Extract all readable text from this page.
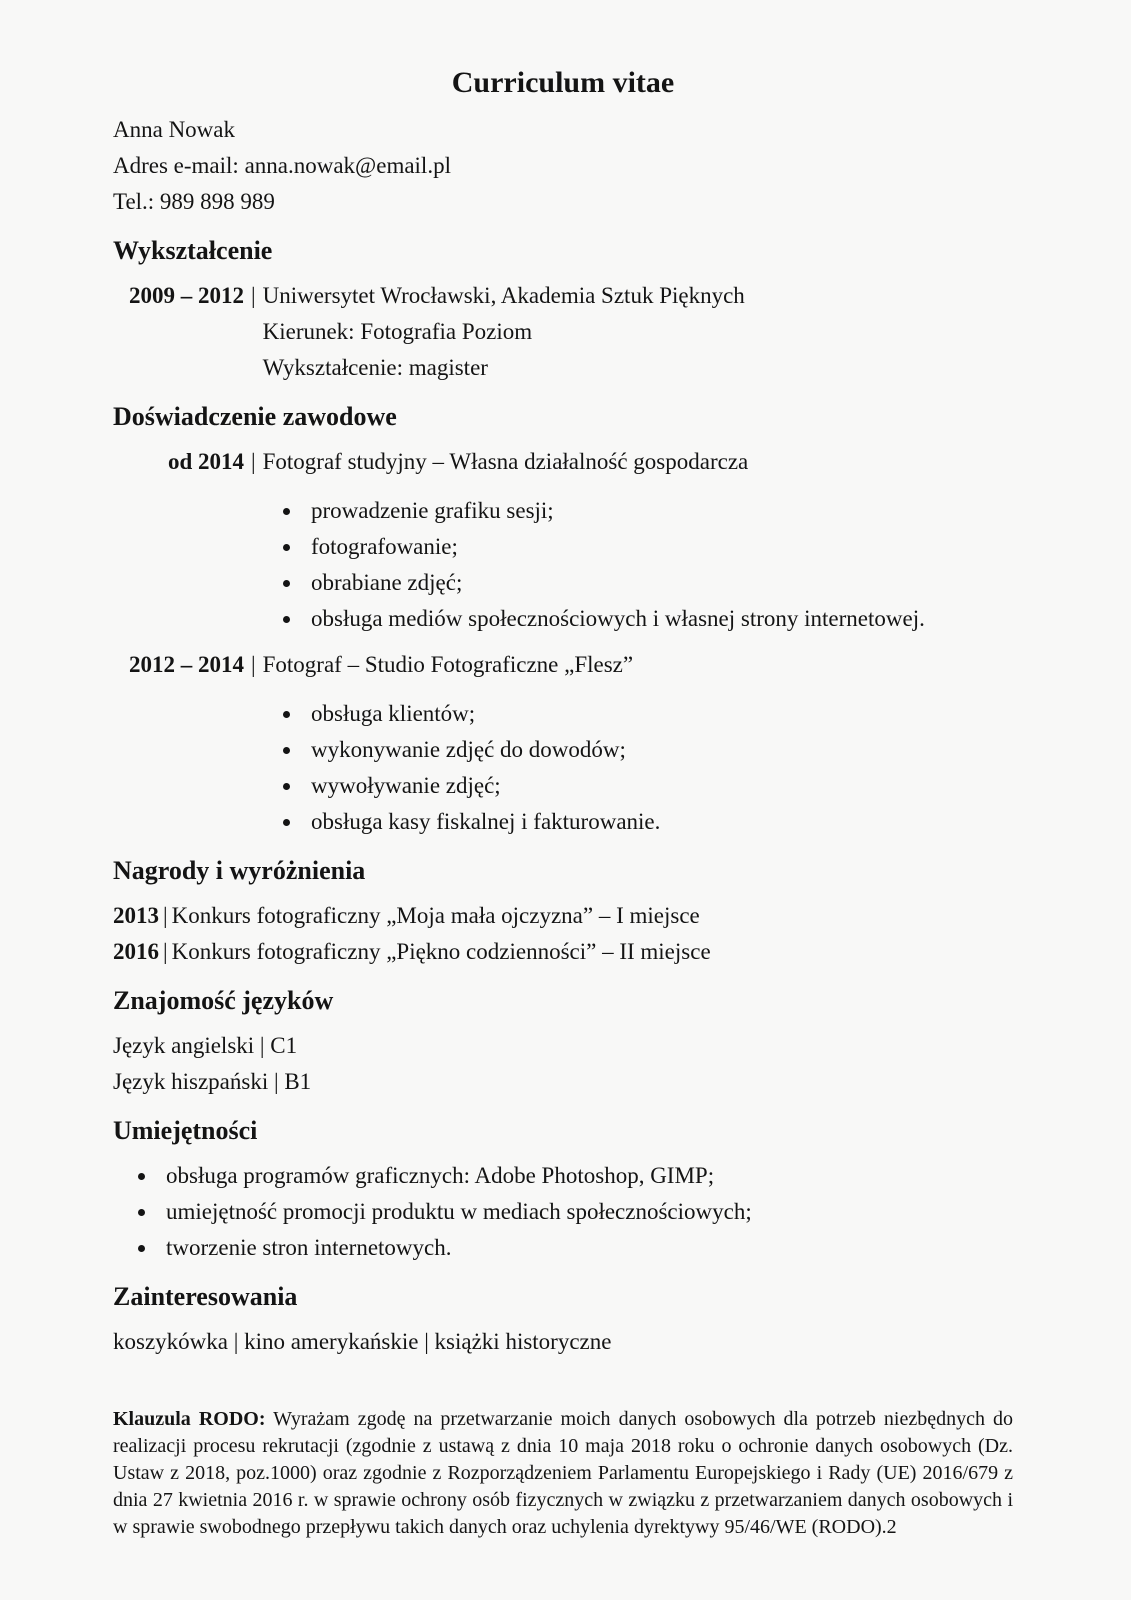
Curriculum vitae

Anna Nowak

Adres e-mail: anna.nowak@email.pl

Tel.: 989 898 989

Wykształcenie
2009 – 2012 | Uniwersytet Wrocławski, Akademia Sztuk Pięknych
Kierunek: Fotografia Poziom
Wykształcenie: magister
Doświadczenie zawodowe
od 2014 | Fotograf studyjny – Własna działalność gospodarcza
• prowadzenie grafiku sesji;
• fotografowanie;
• obrabiane zdjęć;
• obsługa mediów społecznościowych i własnej strony internetowej.
2012 – 2014 | Fotograf – Studio Fotograficzne „Flesz”
• obsługa klientów;
• wykonywanie zdjęć do dowodów;
• wywoływanie zdjęć;
• obsługa kasy fiskalnej i fakturowanie.
Nagrody i wyróżnienia
2013 | Konkurs fotograficzny „Moja mała ojczyzna” – I miejsce
2016 | Konkurs fotograficzny „Piękno codzienności” – II miejsce
Znajomość języków

Język angielski | C1

Język hiszpański | B1

Umiejętności
• obsługa programów graficznych: Adobe Photoshop, GIMP;
• umiejętność promocji produktu w mediach społecznościowych;
• tworzenie stron internetowych.
Zainteresowania

koszykówka | kino amerykańskie | książki historyczne

Klauzula RODO: Wyrażam zgodę na przetwarzanie moich danych osobowych dla potrzeb niezbędnych do realizacji procesu rekrutacji (zgodnie z ustawą z dnia 10 maja 2018 roku o ochronie danych osobowych (Dz. Ustaw z 2018, poz.1000) oraz zgodnie z Rozporządzeniem Parlamentu Europejskiego i Rady (UE) 2016/679 z dnia 27 kwietnia 2016 r. w sprawie ochrony osób fizycznych w związku z przetwarzaniem danych osobowych i w sprawie swobodnego przepływu takich danych oraz uchylenia dyrektywy 95/46/WE (RODO).2
